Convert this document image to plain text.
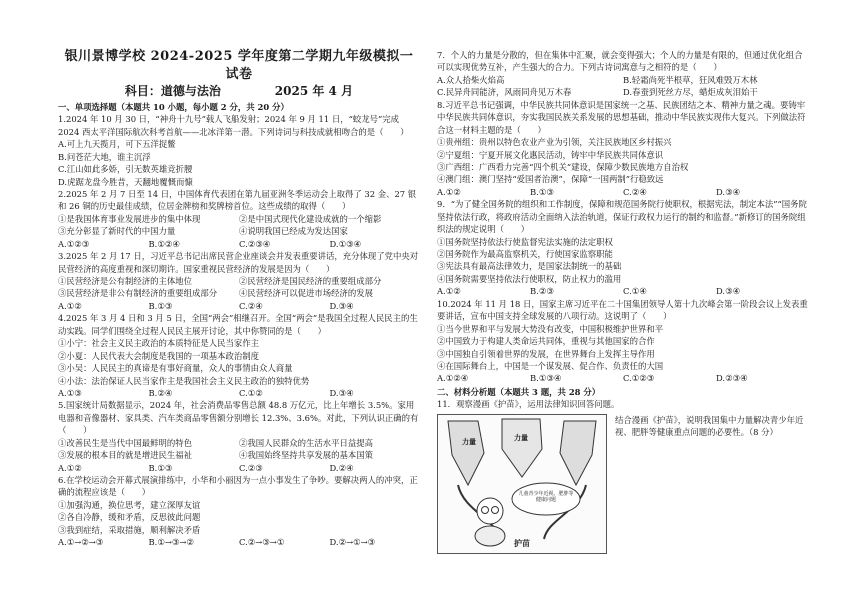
银川景博学校 2024-2025 学年度第二学期九年级模拟一试卷
科目：道德与法治	2025 年 4 月
一、单项选择题（本题共 10 小题，每小题 2 分，共 20 分）

1.2024 年 10 月 30 日，“神舟十九号”载人飞船发射；2024 年 9 月 11 日，“蛟龙号”完成 2024 西太平洋国际航次科考首航——北冰洋第一潜。下列诗词与科技成就相吻合的是（　　）

A.可上九天揽月，可下五洋捉鳖
B.问苍茫大地，谁主沉浮
C.江山如此多娇，引无数英雄竞折腰
D.虎踞龙盘今胜昔，天翻地覆慨而慷

2.2025 年 2 月 7 日至 14 日，中国体育代表团在第九届亚洲冬季运动会上取得了 32 金、27 银和 26 铜的历史最佳成绩，位居金牌榜和奖牌榜首位。这些成绩的取得（　　）

①是我国体育事业发展进步的集中体现	②是中国式现代化建设成就的一个缩影
③充分彰显了新时代的中国力量	④说明我国已经成为发达国家
A.①②③	B.①②④	C.②③④	D.①③④

3.2025 年 2 月 17 日，习近平总书记出席民营企业座谈会并发表重要讲话，充分体现了党中央对民营经济的高度重视和深切期许。国家重视民营经济的发展是因为（　　）

①民营经济是公有制经济的主体地位	②民营经济是国民经济的重要组成部分
③民营经济是非公有制经济的重要组成部分	④民营经济可以促进市场经济的发展
A.①②	B.①③	C.②④	D.③④

4.2025 年 3 月 4 日和 3 月 5 日，全国“两会”相继召开。全国“两会”是我国全过程人民民主的生动实践。同学们围绕全过程人民民主展开讨论，其中你赞同的是（　　）

①小宁：社会主义民主政治的本质特征是人民当家作主
②小夏：人民代表大会制度是我国的一项基本政治制度
③小吴：人民民主的真谛是有事好商量，众人的事情由众人商量
④小法：法治保证人民当家作主是我国社会主义民主政治的独特优势
A.①③	B.②④	C.①②	D.③④

5.国家统计局数据显示，2024 年，社会消费品零售总额 48.8 万亿元，比上年增长 3.5%。家用电器和音像器材、家具类、汽车类商品零售额分别增长 12.3%、3.6%。对此，下列认识正确的有（　　）

①改善民生是当代中国最鲜明的特色	②我国人民群众的生活水平日益提高
③发展的根本目的就是增进民生福祉	④我国始终坚持共享发展的基本国策
A.①②	B.①③	C.②③	D.②④

6.在学校运动会开幕式展演排练中，小华和小丽因为一点小事发生了争吵。要解决两人的冲突，正确的流程应该是（　　）

①加强沟通，换位思考，建立深厚友谊
②各自冷静，缓和矛盾，反思彼此问题
③我到症结，采取措施，顺利解决矛盾
A.①→②→③	B.①→③→②	C.②→③→①	D.②→①→③

7．个人的力量是分散的，但在集体中汇聚，就会变得强大；个人的力量是有限的，但通过优化组合可以实现优势互补，产生强大的合力。下列古诗词寓意与之相符的是（　　）

A.众人拾柴火焰高	B.轻霜尚死半根草，狂风难毁万木林
C.民异舟同能济，风雨同舟见万木春	D.春蚕到死丝方尽，蜡炬成灰泪始干

8.习近平总书记强调，中华民族共同体意识是国家统一之基、民族团结之本、精神力量之魂。要铸牢中华民族共同体意识，夯实我国民族关系发展的思想基础，推动中华民族实现伟大复兴。下列做法符合这一材料主题的是（　　）

①贵州组：贵州以特色农业产业为引领，关注民族地区乡村振兴
②宁夏组：宁夏开展文化惠民活动，铸牢中华民族共同体意识
③广西组：广西看力完善“四个机关”建设，保障少数民族地方自治权
④澳门组：澳门坚持“爱国者治澳”，保障“一国两制”行稳致远
A.①②	B.①③	C.②④	D.③④

9．“为了健全国务院的组织和工作制度，保障和规范国务院行使职权，根据宪法，制定本法”“国务院坚持依法行政，将政府活动全面纳入法治轨道，保证行政权力运行的制约和监督。”新修订的国务院组织法的规定说明（　　）

①国务院坚持依法行使监督宪法实施的法定职权
②国务院作为最高监察机关，行使国家监察职能
③宪法具有最高法律效力，是国家法制统一的基础
④国务院需要坚持依法行使职权，防止权力的滥用
A.①②	B.②③	C.①④	D.③④

10.2024 年 11 月 18 日，国家主席习近平在二十国集团领导人第十九次峰会第一阶段会议上发表重要讲话，宣布中国支持全球发展的八项行动。这说明了（　　）

①当今世界和平与发展大势没有改变，中国积极维护世界和平
②中国致力于构建人类命运共同体，重视与其他国家的合作
③中国独自引领着世界的发展，在世界舞台上发挥主导作用
④在国际舞台上，中国是一个谋发展、促合作、负责任的大国
A.①②④	B.①③④	C.①②③	D.②③④
二、材料分析题（本题共 3 题，共 28 分）

11．观察漫画《护苗》，运用法律知识回答问题。

力量	力量
儿童青少年近视、肥胖等健康问题
护苗
结合漫画《护苗》，说明我国集中力量解决青少年近视、肥胖等健康重点问题的必要性。（8 分）
